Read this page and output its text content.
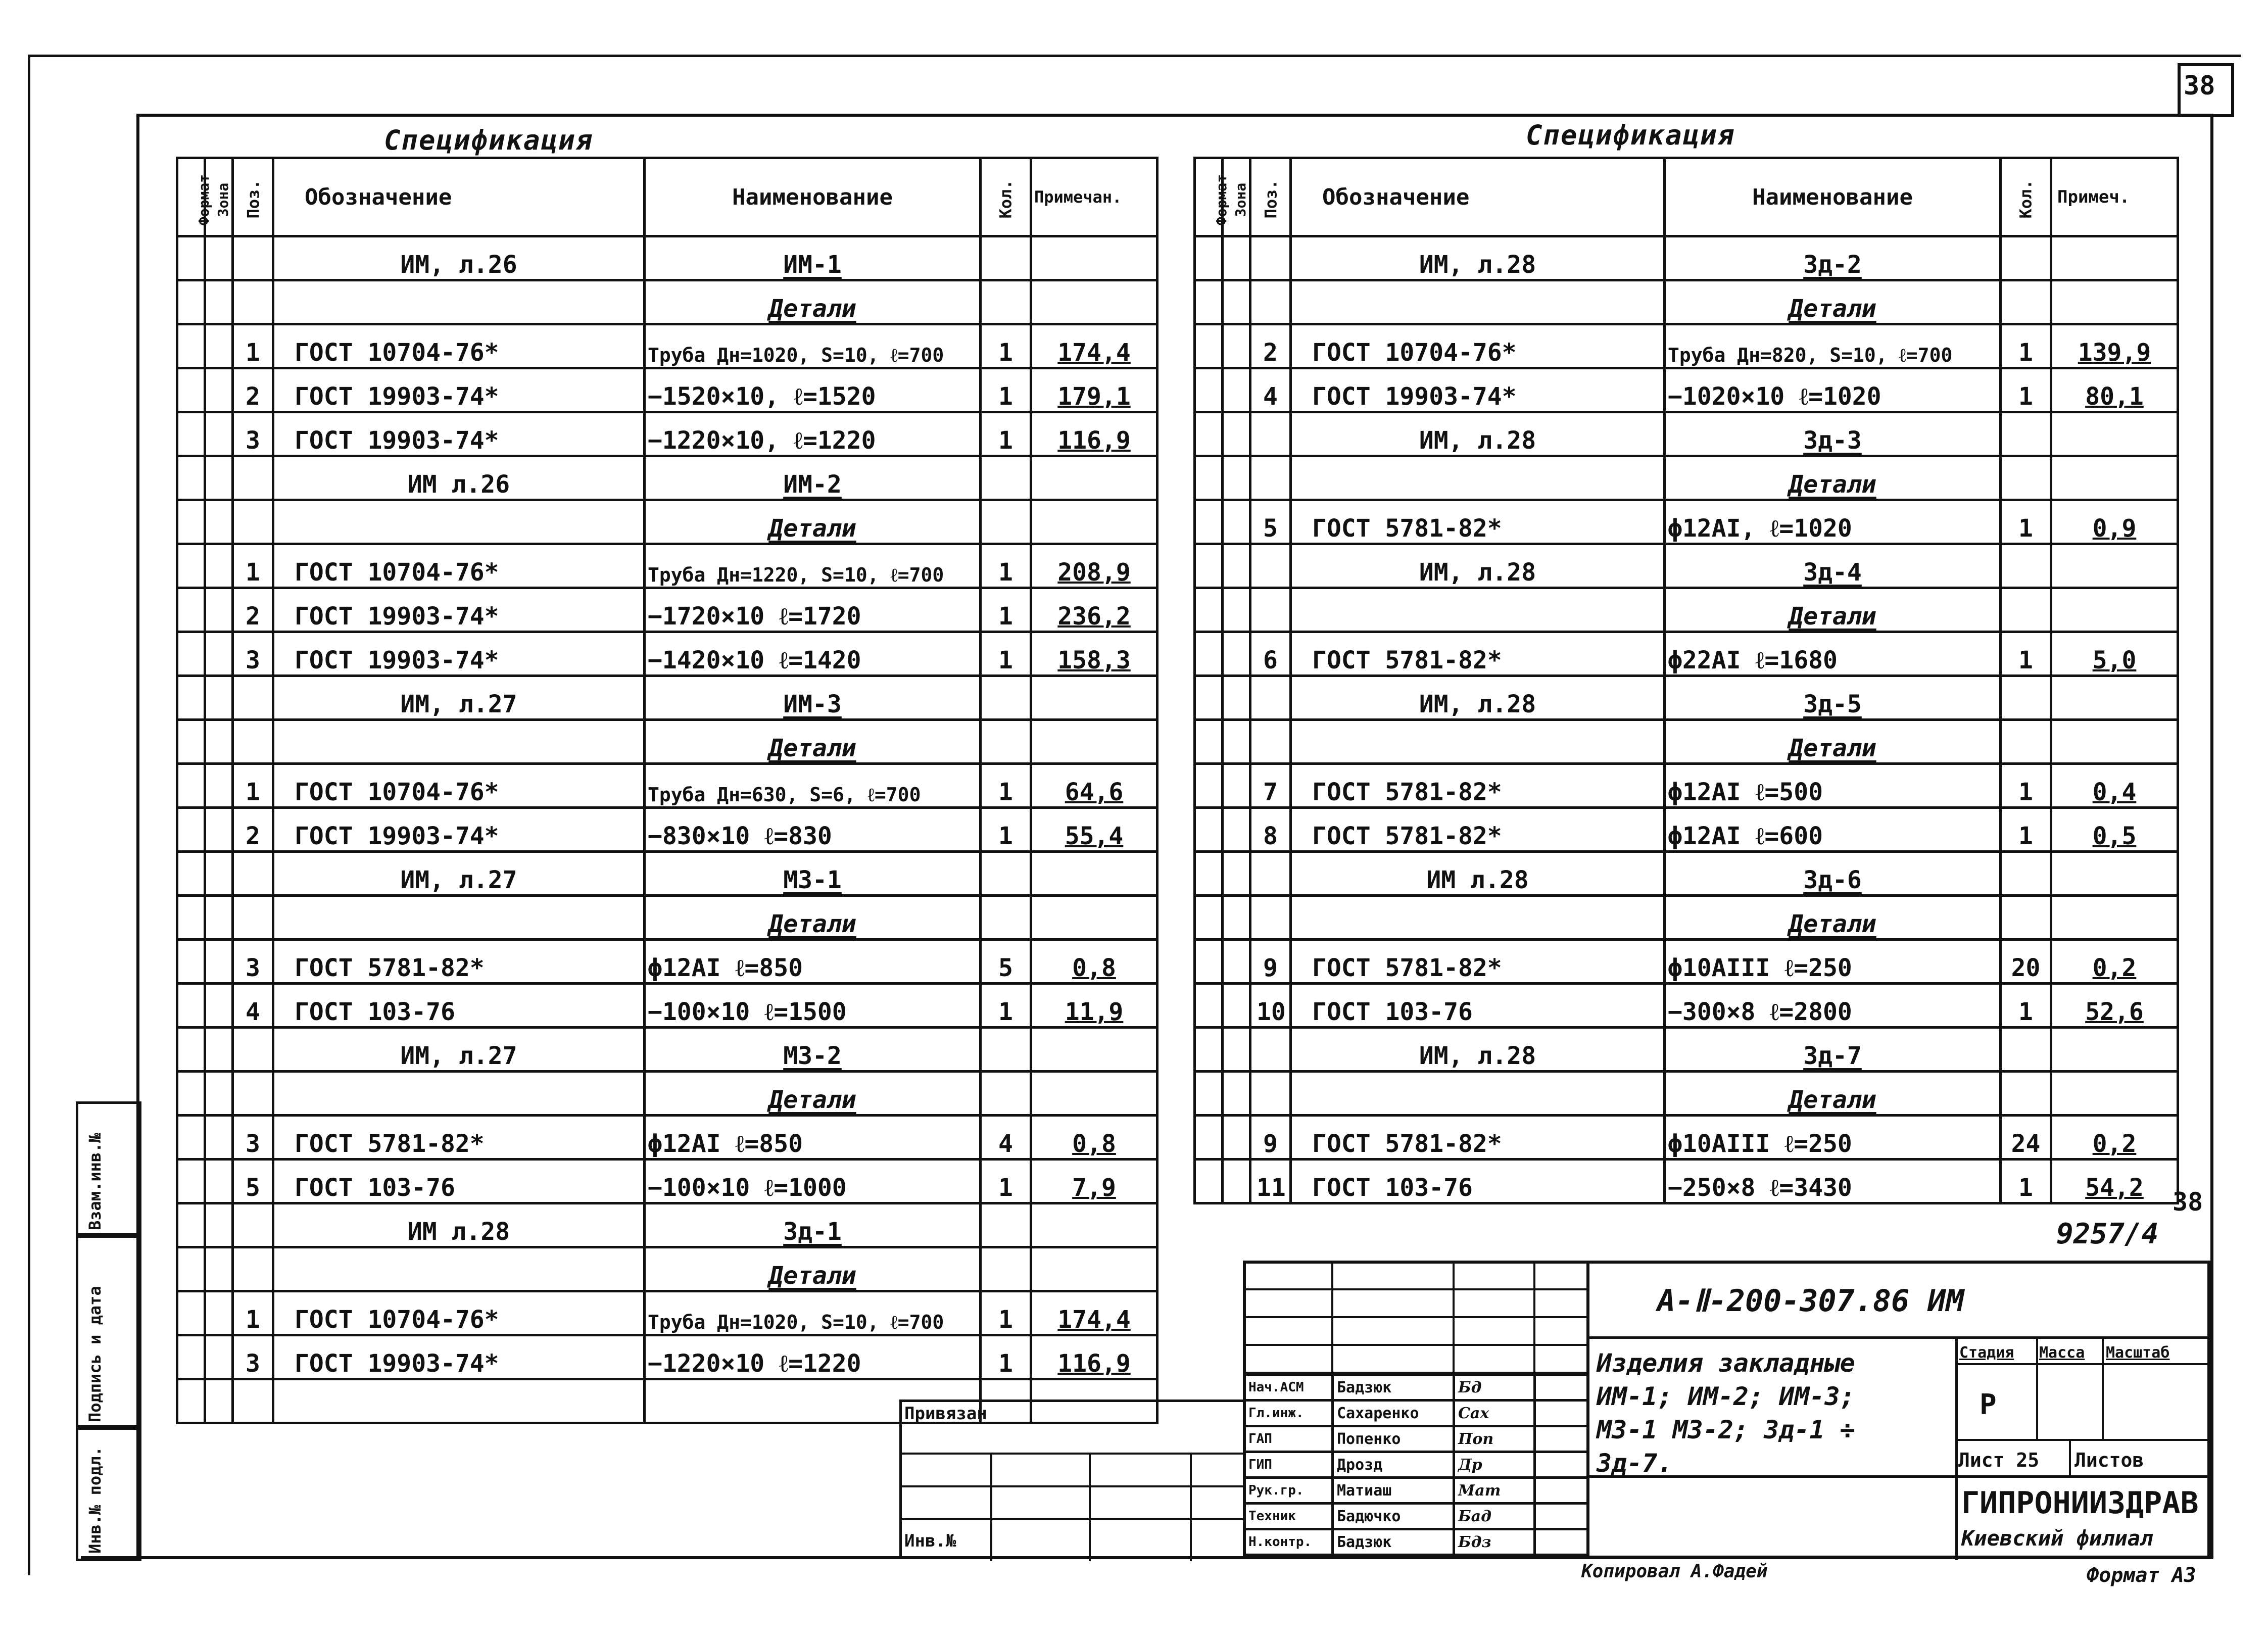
38
Спецификация
Формат	Зона	Поз.	Обозначение	Наименование	Кол.	Примечан.
			ИМ, л.26	ИМ-1		
				Детали		
		1	ГОСТ 10704-76*	Труба Дн=1020, S=10, ℓ=700	1	174,4
		2	ГОСТ 19903-74*	−1520×10, ℓ=1520	1	179,1
		3	ГОСТ 19903-74*	−1220×10, ℓ=1220	1	116,9
			ИМ л.26	ИМ-2		
				Детали		
		1	ГОСТ 10704-76*	Труба Дн=1220, S=10, ℓ=700	1	208,9
		2	ГОСТ 19903-74*	−1720×10 ℓ=1720	1	236,2
		3	ГОСТ 19903-74*	−1420×10 ℓ=1420	1	158,3
			ИМ, л.27	ИМ-3		
				Детали		
		1	ГОСТ 10704-76*	Труба Дн=630, S=6, ℓ=700	1	64,6
		2	ГОСТ 19903-74*	−830×10 ℓ=830	1	55,4
			ИМ, л.27	МЗ-1		
				Детали		
		3	ГОСТ 5781-82*	ϕ12AI ℓ=850	5	0,8
		4	ГОСТ 103-76	−100×10 ℓ=1500	1	11,9
			ИМ, л.27	МЗ-2		
				Детали		
		3	ГОСТ 5781-82*	ϕ12AI ℓ=850	4	0,8
		5	ГОСТ 103-76	−100×10 ℓ=1000	1	7,9
			ИМ л.28	Зд-1		
				Детали		
		1	ГОСТ 10704-76*	Труба Дн=1020, S=10, ℓ=700	1	174,4
		3	ГОСТ 19903-74*	−1220×10 ℓ=1220	1	116,9

Спецификация
Формат	Зона	Поз.	Обозначение	Наименование	Кол.	Примеч.
			ИМ, л.28	Зд-2		
				Детали		
		2	ГОСТ 10704-76*	Труба Дн=820, S=10, ℓ=700	1	139,9
		4	ГОСТ 19903-74*	−1020×10 ℓ=1020	1	80,1
			ИМ, л.28	Зд-3		
				Детали		
		5	ГОСТ 5781-82*	ϕ12AI, ℓ=1020	1	0,9
			ИМ, л.28	Зд-4		
				Детали		
		6	ГОСТ 5781-82*	ϕ22AI ℓ=1680	1	5,0
			ИМ, л.28	Зд-5		
				Детали		
		7	ГОСТ 5781-82*	ϕ12AI ℓ=500	1	0,4
		8	ГОСТ 5781-82*	ϕ12AI ℓ=600	1	0,5
			ИМ л.28	Зд-6		
				Детали		
		9	ГОСТ 5781-82*	ϕ10AIII ℓ=250	20	0,2
		10	ГОСТ 103-76	−300×8 ℓ=2800	1	52,6
			ИМ, л.28	Зд-7		
				Детали		
		9	ГОСТ 5781-82*	ϕ10AIII ℓ=250	24	0,2
		11	ГОСТ 103-76	−250×8 ℓ=3430	1	54,2
Инв.№ подл.
Подпись и дата
Взам.инв.№	38
9257/4
А-Ⅱ-200-307.86 ИМ
Привязан
Инв.№
Нач.АСМ	Бадзюк	Бд	
Гл.инж.	Сахаренко	Сах	
ГАП	Попенко	Поп	
ГИП	Дрозд	Др	
Рук.гр.	Матиаш	Мат	
Техник	Бадючко	Бад	
Н.контр.	Бадзюк	Бдз	
Изделия закладные ИМ-1; ИМ-2; ИМ-3; МЗ-1 МЗ-2; Зд-1 ÷ Зд-7.
Стадия Масса Масштаб
Р
Лист 25 Листов
ГИПРОНИИЗДРАВ
Киевский филиал
Копировал А.Фадей	Формат А3
